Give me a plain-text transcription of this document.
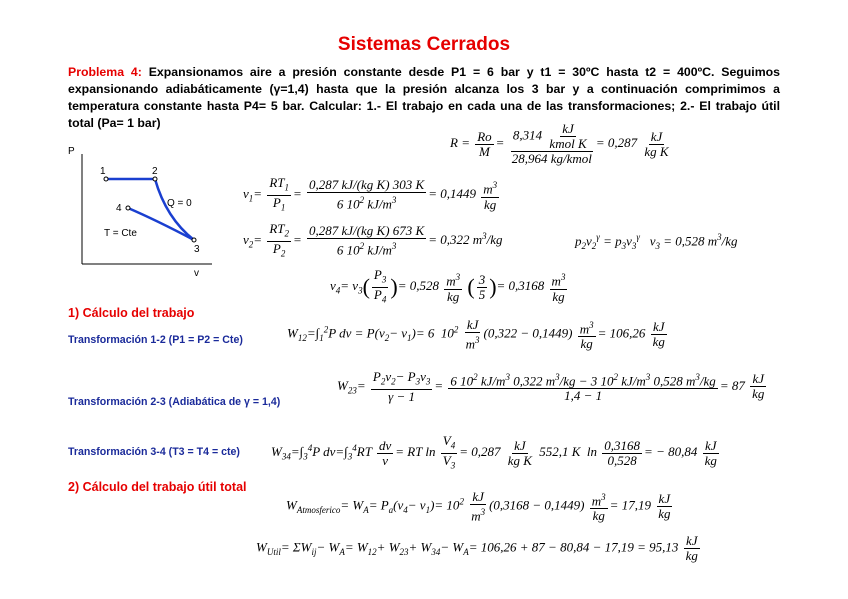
Sistemas Cerrados
Problema 4: Expansionamos aire a presión constante desde P1 = 6 bar y t1 = 30ºC hasta t2 = 400ºC. Seguimos expansionando adiabáticamente (γ=1,4) hasta que la presión alcanza los 3 bar y a continuación comprimimos a temperatura constante hasta P4= 5 bar. Calcular: 1.- El trabajo en cada una de las transformaciones; 2.- El trabajo útil total (Pa= 1 bar)
P
v
1	2
4
3
Q = 0
T = Cte
$R = \frac{Ro}{M} = \frac{8,314 \frac{kJ}{\text{kmol K}}}{\text{28,964 kg/kmol}} = 0,287 \frac{kJ}{\text{kg K}}$
$v_1= \frac{RT_1}{P_1} = \frac{\text{0,287 kJ/(kg K) 303 K}}{6 10^2 kJ/m^3} = 0,1449 \frac{m^3}{kg}$
$v_2= \frac{RT_2}{P_2} = \frac{\text{0,287 kJ/(kg K) 673 K}}{6 10^2 kJ/m^3} = 0,322$ $m^3/kg$	$p_2v_2^\gamma = p_3v_3^\gamma$   $v_3 = 0,528$ $m^3/kg$
$v_4= v_3( \frac{P_3}{P_4}$ )= $0,528 \frac{m^3}{kg}$ ( $\frac{3}{5}$ )= $0,3168 \frac{m^3}{kg}$
1) Cálculo del trabajo
Transformación 1-2 (P1 = P2 = Cte)	$W_{12}=\int_1^2P$ dv = $P(v_2- v_1)= 6$  $10^2 \frac{kJ}{m^3} (0,322 - 0,1449) \frac{m^3}{kg} = 106,26 \frac{kJ}{kg}$
Transformación 2-3 (Adiabática de γ = 1,4)
$W_{23}= \frac{P_2v_2- P_3v_3}{\gamma - 1} = \frac{6 10^2 kJ/m^3 0,322 m^3/kg - 3 10^2 kJ/m^3 0,528 m^3/kg}{1,4 - 1} = 87 \frac{kJ}{kg}$
Transformación 3-4 (T3 = T4 = cte) $W_{34}=\int_3^4P$ $dv=\int_3^4RT \frac{dv}{v}$ = RT $\ln \frac{V_4}{V_3} = 0,287 \frac{kJ}{\text{kg K}} 552,1$ K  $\ln \frac{0,3168}{0,528}$ = − $80,84 \frac{kJ}{kg}$
2) Cálculo del trabajo útil total
$W_{Atmosferico}= W_A= P_a(v_4- v_1)= 10^2 \frac{kJ}{m^3} (0,3168 - 0,1449) \frac{m^3}{kg} = 17,19 \frac{kJ}{kg}$
$W_{Util}= \Sigma W_{ij}- W_A= W_{12}+ W_{23}+ W_{34}- W_A= 106,26 + 87 - 80,84 - 17,19 = 95,13 \frac{kJ}{kg}$
